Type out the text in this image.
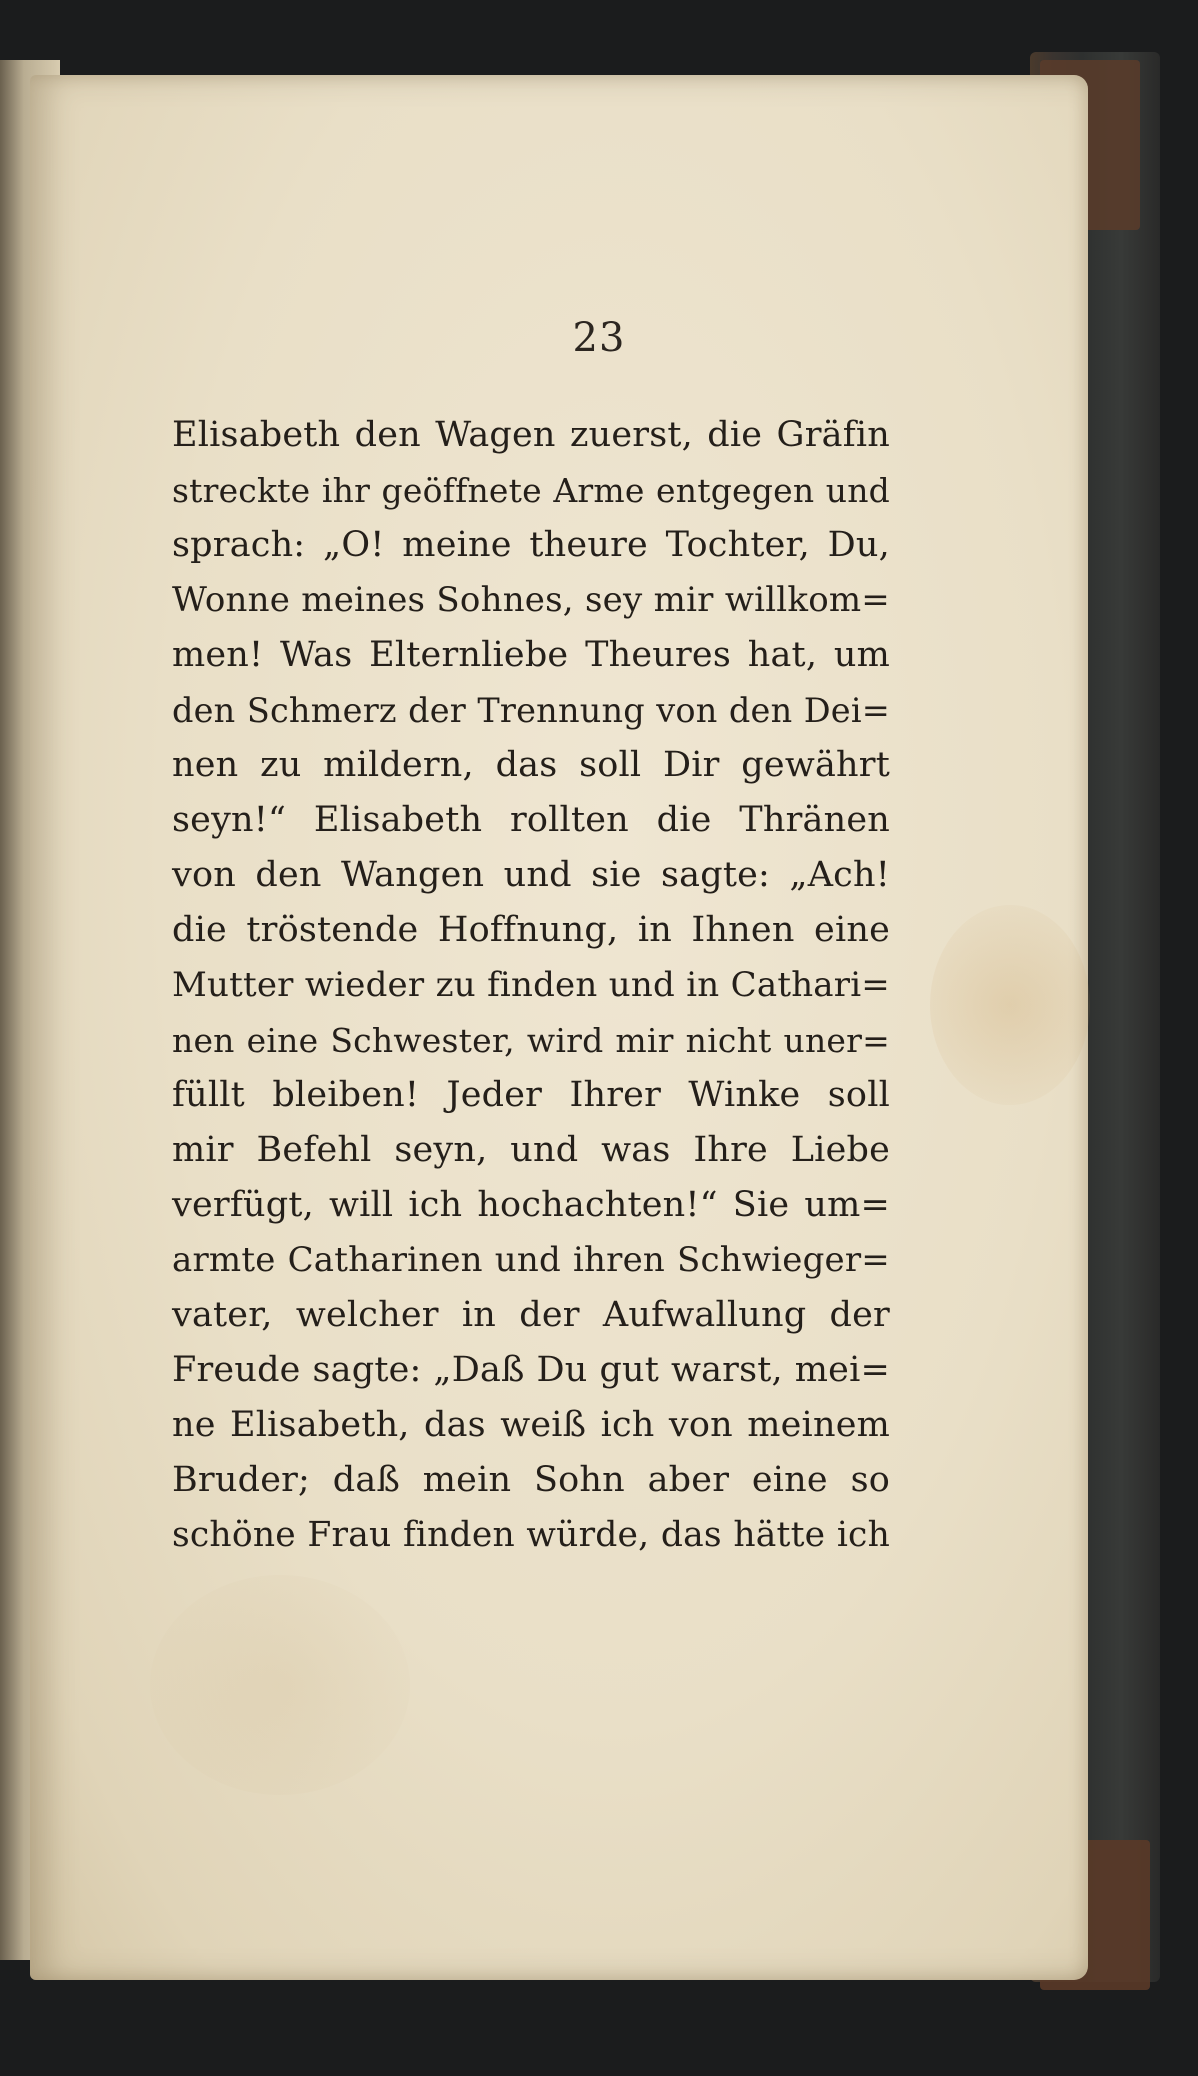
23

Elisabeth den Wagen zuerst, die Gräfin
streckte ihr geöffnete Arme entgegen und
sprach: „O! meine theure Tochter, Du,
Wonne meines Sohnes, sey mir willkom=
men! Was Elternliebe Theures hat, um
den Schmerz der Trennung von den Dei=
nen zu mildern, das soll Dir gewährt
seyn!“ Elisabeth rollten die Thränen
von den Wangen und sie sagte: „Ach!
die tröstende Hoffnung, in Ihnen eine
Mutter wieder zu finden und in Cathari=
nen eine Schwester, wird mir nicht uner=
füllt bleiben! Jeder Ihrer Winke soll
mir Befehl seyn, und was Ihre Liebe
verfügt, will ich hochachten!“ Sie um=
armte Catharinen und ihren Schwieger=
vater, welcher in der Aufwallung der
Freude sagte: „Daß Du gut warst, mei=
ne Elisabeth, das weiß ich von meinem
Bruder; daß mein Sohn aber eine so
schöne Frau finden würde, das hätte ich
